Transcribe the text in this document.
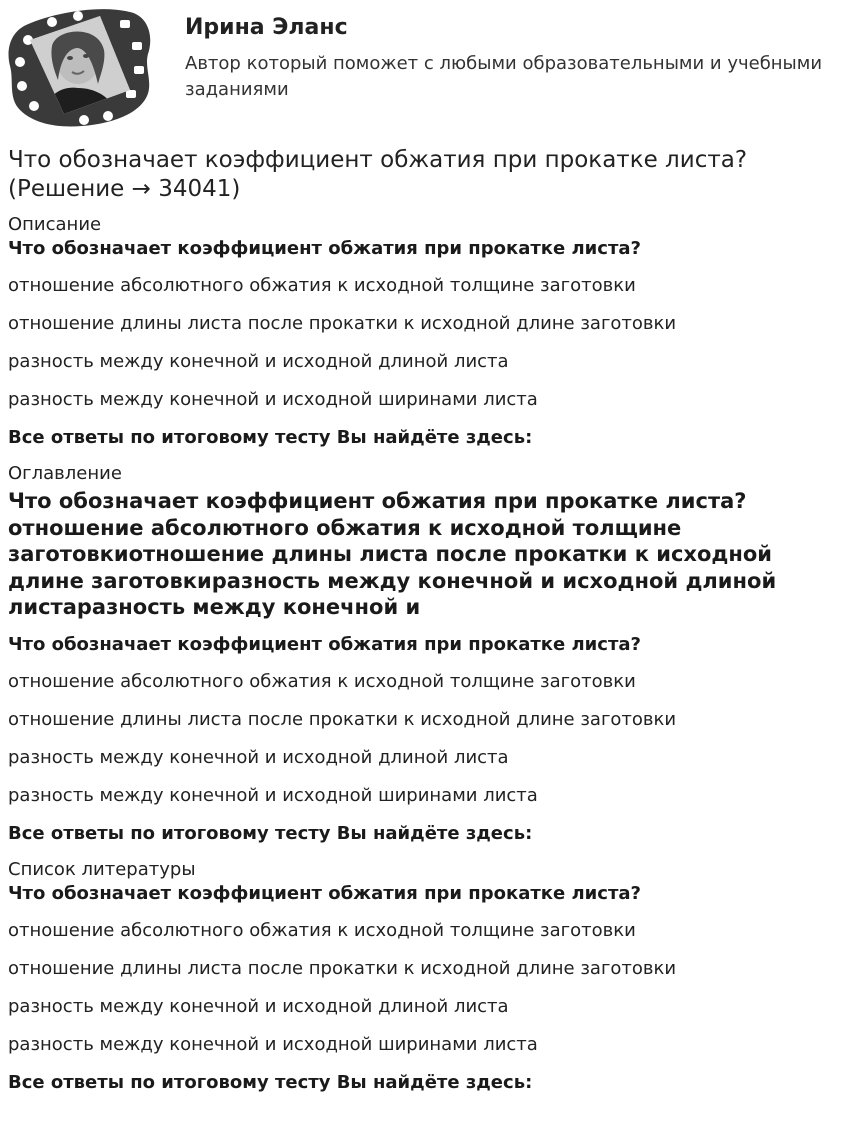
Ирина Эланс
Автор который поможет с любыми образовательными и учебными заданиями
Что обозначает коэффициент обжатия при прокатке листа? (Решение → 34041)
Описание
Что обозначает коэффициент обжатия при прокатке листа?
отношение абсолютного обжатия к исходной толщине заготовки
отношение длины листа после прокатки к исходной длине заготовки
разность между конечной и исходной длиной листа
разность между конечной и исходной ширинами листа
Все ответы по итоговому тесту Вы найдёте здесь:
Оглавление
Что обозначает коэффициент обжатия при прокатке листа?отношение абсолютного обжатия к исходной толщине заготовкиотношение длины листа после прокатки к исходной длине заготовкиразность между конечной и исходной длиной листаразность между конечной и
Что обозначает коэффициент обжатия при прокатке листа?
отношение абсолютного обжатия к исходной толщине заготовки
отношение длины листа после прокатки к исходной длине заготовки
разность между конечной и исходной длиной листа
разность между конечной и исходной ширинами листа
Все ответы по итоговому тесту Вы найдёте здесь:
Список литературы
Что обозначает коэффициент обжатия при прокатке листа?
отношение абсолютного обжатия к исходной толщине заготовки
отношение длины листа после прокатки к исходной длине заготовки
разность между конечной и исходной длиной листа
разность между конечной и исходной ширинами листа
Все ответы по итоговому тесту Вы найдёте здесь:
